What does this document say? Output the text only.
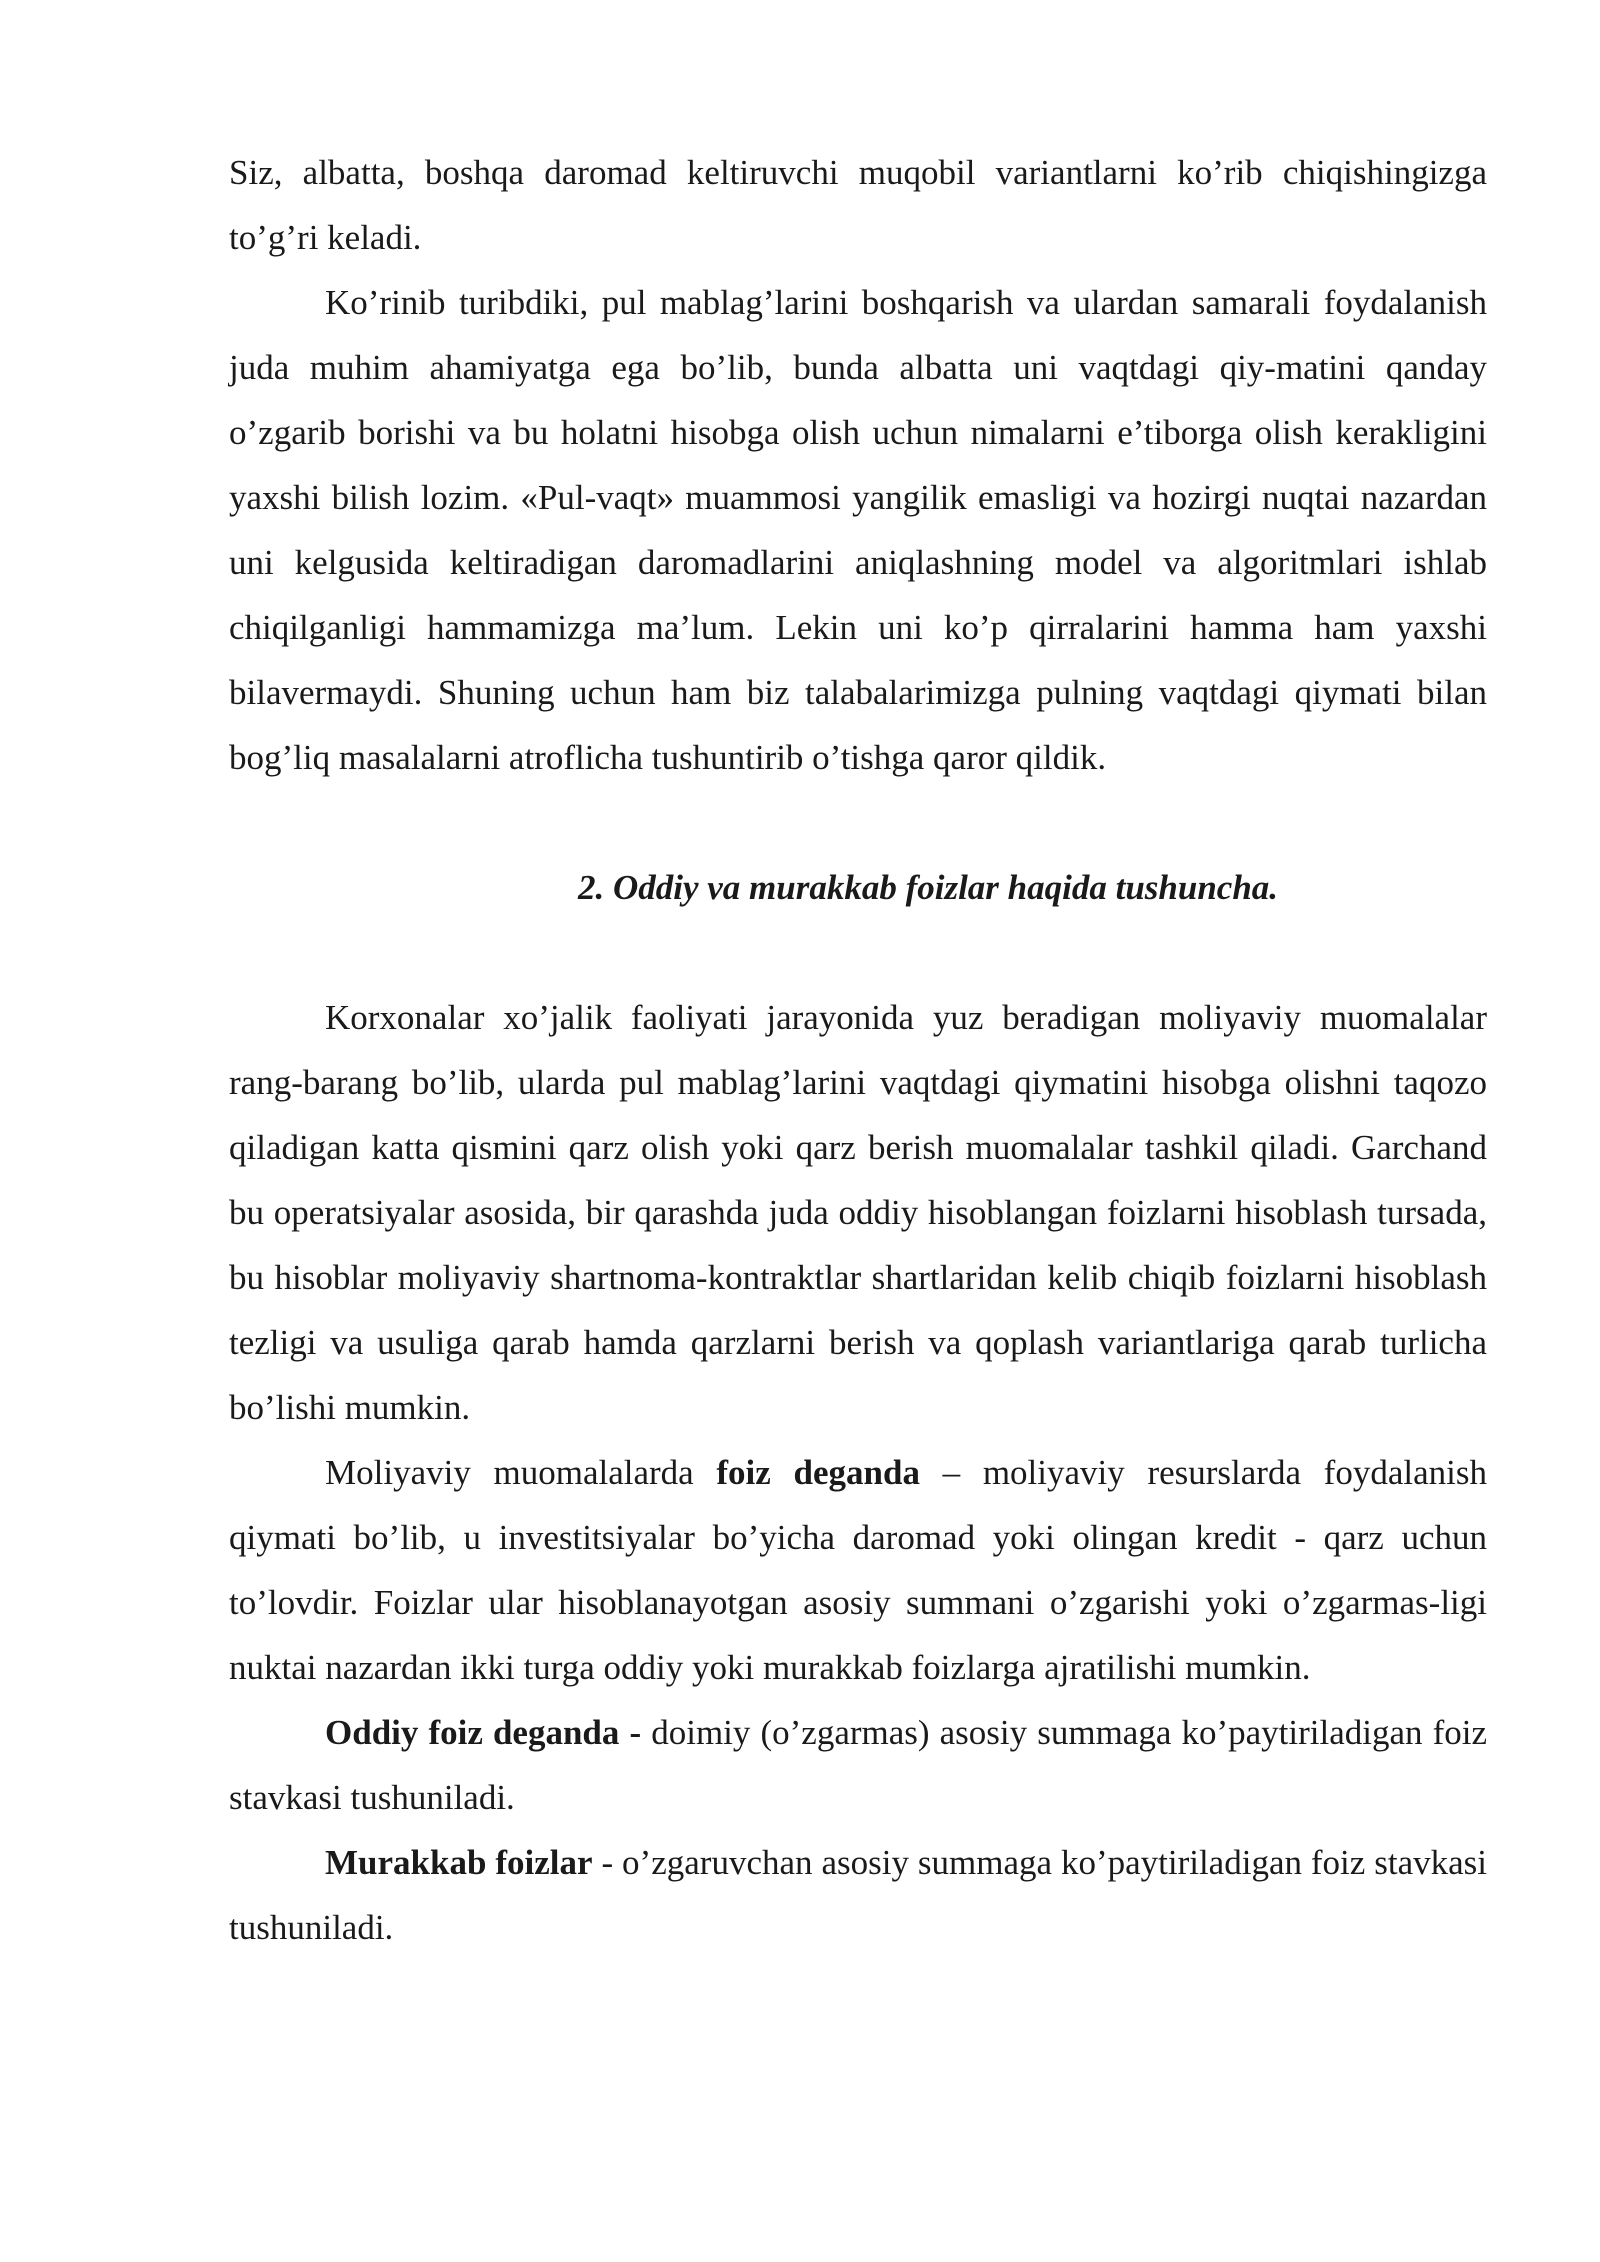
Siz, albatta, boshqa daromad keltiruvchi muqobil variantlarni ko’rib chiqishingizga to’g’ri keladi.

Ko’rinib turibdiki, pul mablag’larini boshqarish va ulardan samarali foydalanish juda muhim ahamiyatga ega bo’lib, bunda albatta uni vaqtdagi qiy-matini qanday o’zgarib borishi va bu holatni hisobga olish uchun nimalarni e’tiborga olish kerakligini yaxshi bilish lozim. «Pul-vaqt» muammosi yangilik emasligi va hozirgi nuqtai nazardan uni kelgusida keltiradigan daromadlarini aniqlashning model va algoritmlari ishlab chiqilganligi hammamizga ma’lum. Lekin uni ko’p qirralarini hamma ham yaxshi bilavermaydi. Shuning uchun ham biz talabalarimizga pulning vaqtdagi qiymati bilan bog’liq masalalarni atroflicha tushuntirib o’tishga qaror qildik.

2. Oddiy va murakkab foizlar haqida tushuncha.

Korxonalar xo’jalik faoliyati jarayonida yuz beradigan moliyaviy muomalalar rang-barang bo’lib, ularda pul mablag’larini vaqtdagi qiymatini hisobga olishni taqozo qiladigan katta qismini qarz olish yoki qarz berish muomalalar tashkil qiladi. Garchand bu operatsiyalar asosida, bir qarashda juda oddiy hisoblangan foizlarni hisoblash tursada, bu hisoblar moliyaviy shartnoma-kontraktlar shartlaridan kelib chiqib foizlarni hisoblash tezligi va usuliga qarab hamda qarzlarni berish va qoplash variantlariga qarab turlicha bo’lishi mumkin.

Moliyaviy muomalalarda foiz deganda – moliyaviy resurslarda foydalanish qiymati bo’lib, u investitsiyalar bo’yicha daromad yoki olingan kredit - qarz uchun to’lovdir. Foizlar ular hisoblanayotgan asosiy summani o’zgarishi yoki o’zgarmas-ligi nuktai nazardan ikki turga oddiy yoki murakkab foizlarga ajratilishi mumkin.

Oddiy foiz deganda - doimiy (o’zgarmas) asosiy summaga ko’paytiriladigan foiz stavkasi tushuniladi.

Murakkab foizlar - o’zgaruvchan asosiy summaga ko’paytiriladigan foiz stavkasi tushuniladi.
